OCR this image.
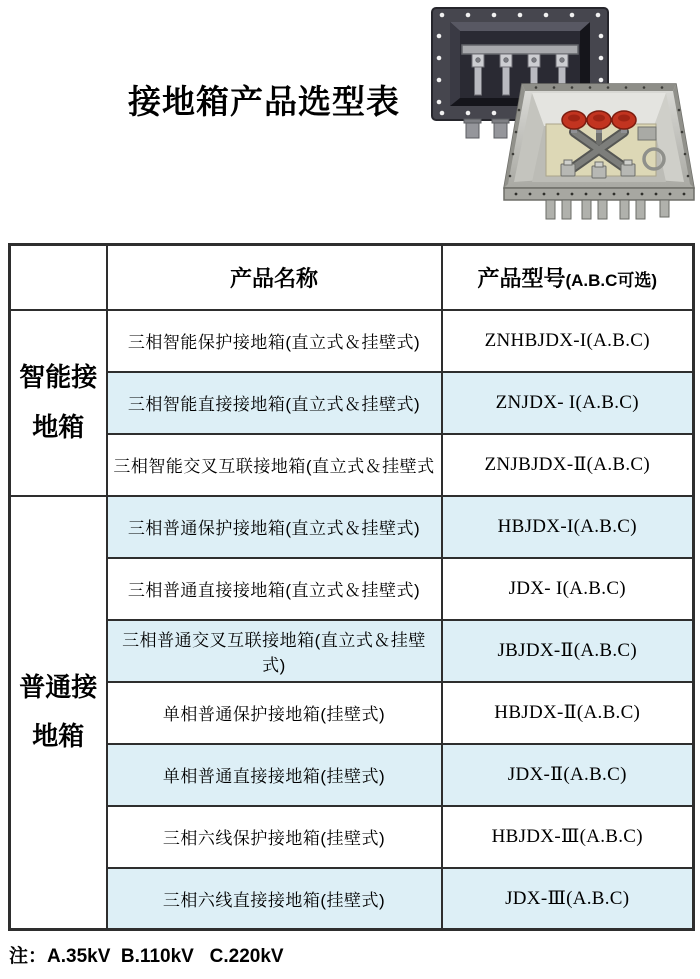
接地箱产品选型表
	产品名称	产品型号(A.B.C可选)

智能接
地箱	三相智能保护接地箱(直立式＆挂壁式)	ZNHBJDX-I(A.B.C)
	三相智能直接接地箱(直立式＆挂壁式)	ZNJDX- I(A.B.C)
	三相智能交叉互联接地箱(直立式＆挂壁式	ZNJBJDX-Ⅱ(A.B.C)

普通接
地箱	三相普通保护接地箱(直立式＆挂壁式)	HBJDX-I(A.B.C)
	三相普通直接接地箱(直立式＆挂壁式)	JDX- I(A.B.C)
	三相普通交叉互联接地箱(直立式＆挂壁式)	JBJDX-Ⅱ(A.B.C)
	单相普通保护接地箱(挂壁式)	HBJDX-Ⅱ(A.B.C)
	单相普通直接接地箱(挂壁式)	JDX-Ⅱ(A.B.C)
	三相六线保护接地箱(挂壁式)	HBJDX-Ⅲ(A.B.C)
	三相六线直接接地箱(挂壁式)	JDX-Ⅲ(A.B.C)

注：A.35kV  B.110kV   C.220kV
